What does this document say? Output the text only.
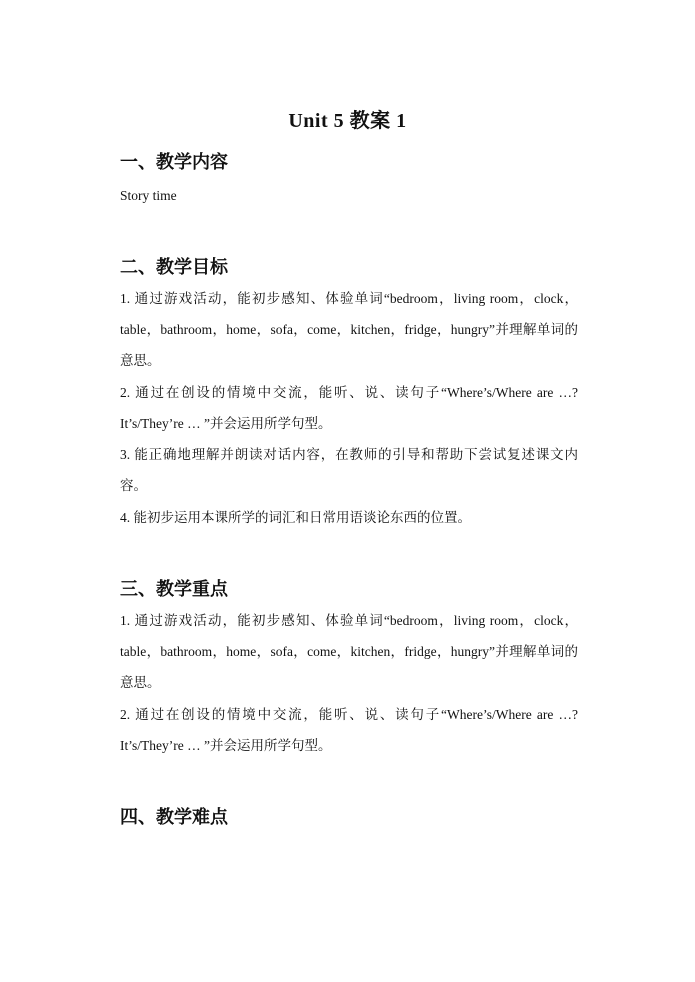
Unit 5 教案 1
一、教学内容
Story time
二、教学目标
1. 通过游戏活动，能初步感知、体验单词“bedroom，living room，clock，table，bathroom，home，sofa，come，kitchen，fridge，hungry”并理解单词的意思。
2. 通过在创设的情境中交流，能听、说、读句子“Where’s/Where are …? It’s/They’re … ”并会运用所学句型。
3. 能正确地理解并朗读对话内容，在教师的引导和帮助下尝试复述课文内容。
4. 能初步运用本课所学的词汇和日常用语谈论东西的位置。
三、教学重点
1. 通过游戏活动，能初步感知、体验单词“bedroom，living room，clock，table，bathroom，home，sofa，come，kitchen，fridge，hungry”并理解单词的意思。
2. 通过在创设的情境中交流，能听、说、读句子“Where’s/Where are …? It’s/They’re … ”并会运用所学句型。
四、教学难点
